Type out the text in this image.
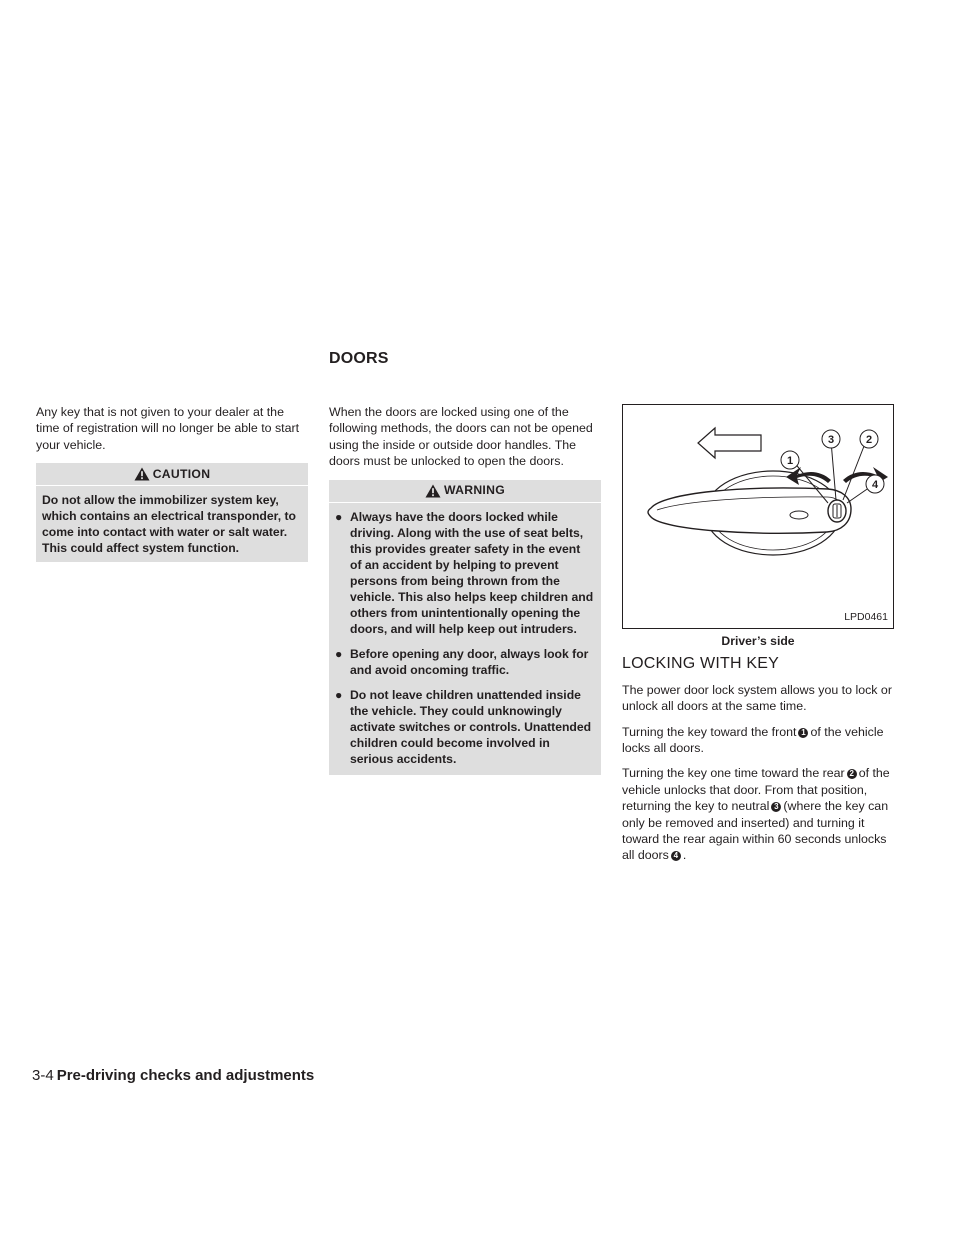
DOORS

Any key that is not given to your dealer at the time of registration will no longer be able to start your vehicle.

CAUTION

Do not allow the immobilizer system key, which contains an electrical transponder, to come into contact with water or salt water. This could affect system function.

When the doors are locked using one of the following methods, the doors can not be opened using the inside or outside door handles. The doors must be unlocked to open the doors.

WARNING
● Always have the doors locked while driving. Along with the use of seat belts, this provides greater safety in the event of an accident by helping to prevent persons from being thrown from the vehicle. This also helps keep children and others from unintentionally opening the doors, and will help keep out intruders.
● Before opening any door, always look for and avoid oncoming traffic.
● Do not leave children unattended inside the vehicle. They could unknowingly activate switches or controls. Unattended children could become involved in serious accidents.
1
3	2
4
LPD0461
Driver’s side
LOCKING WITH KEY

The power door lock system allows you to lock or unlock all doors at the same time.

Turning the key toward the front 1 of the vehicle locks all doors.

Turning the key one time toward the rear 2 of the vehicle unlocks that door. From that position, returning the key to neutral 3 (where the key can only be removed and inserted) and turning it toward the rear again within 60 seconds unlocks all doors 4 .

3-4 Pre-driving checks and adjustments
